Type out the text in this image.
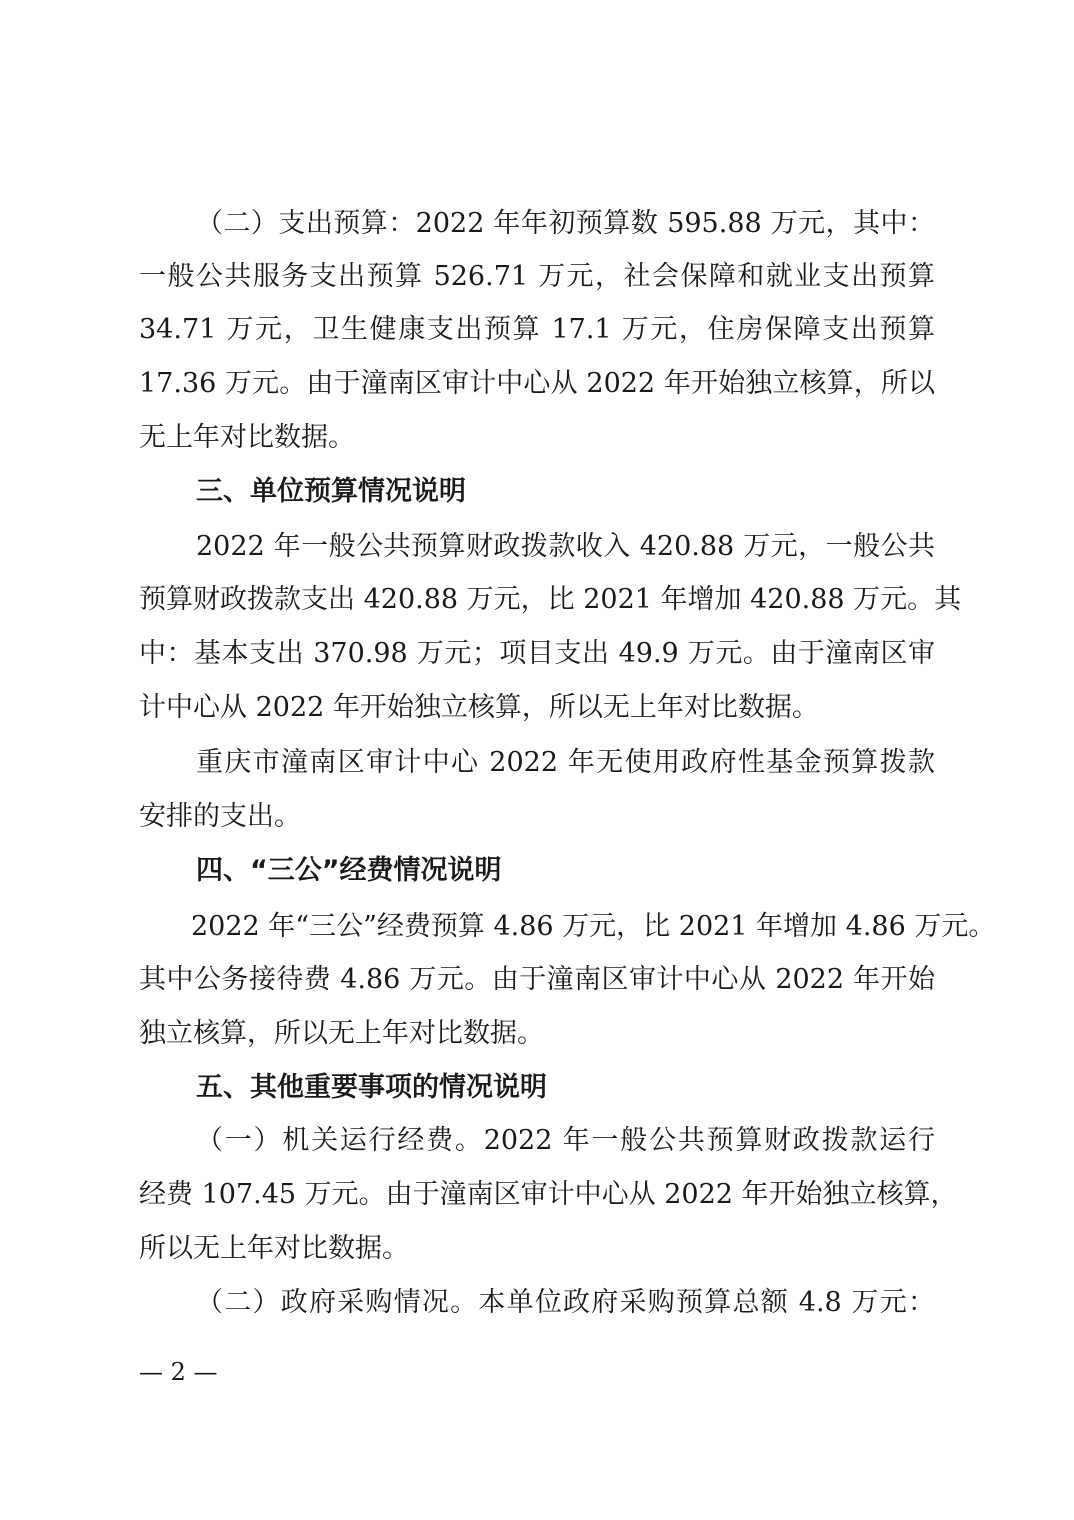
（二）支出预算：2022 年年初预算数 595.88 万元，其中：
一般公共服务支出预算 526.71 万元，社会保障和就业支出预算
34.71 万元，卫生健康支出预算 17.1 万元，住房保障支出预算
17.36 万元。由于潼南区审计中心从 2022 年开始独立核算，所以
无上年对比数据。
三、单位预算情况说明
2022 年一般公共预算财政拨款收入 420.88 万元，一般公共
预算财政拨款支出 420.88 万元，比 2021 年增加 420.88 万元。其
中：基本支出 370.98 万元；项目支出 49.9 万元。由于潼南区审
计中心从 2022 年开始独立核算，所以无上年对比数据。
重庆市潼南区审计中心 2022 年无使用政府性基金预算拨款
安排的支出。
四、“三公”经费情况说明
2022 年“三公”经费预算 4.86 万元，比 2021 年增加 4.86 万元。
其中公务接待费 4.86 万元。由于潼南区审计中心从 2022 年开始
独立核算，所以无上年对比数据。
五、其他重要事项的情况说明
（一）机关运行经费。2022 年一般公共预算财政拨款运行
经费 107.45 万元。由于潼南区审计中心从 2022 年开始独立核算，
所以无上年对比数据。
（二）政府采购情况。本单位政府采购预算总额 4.8 万元：
— 2 —
